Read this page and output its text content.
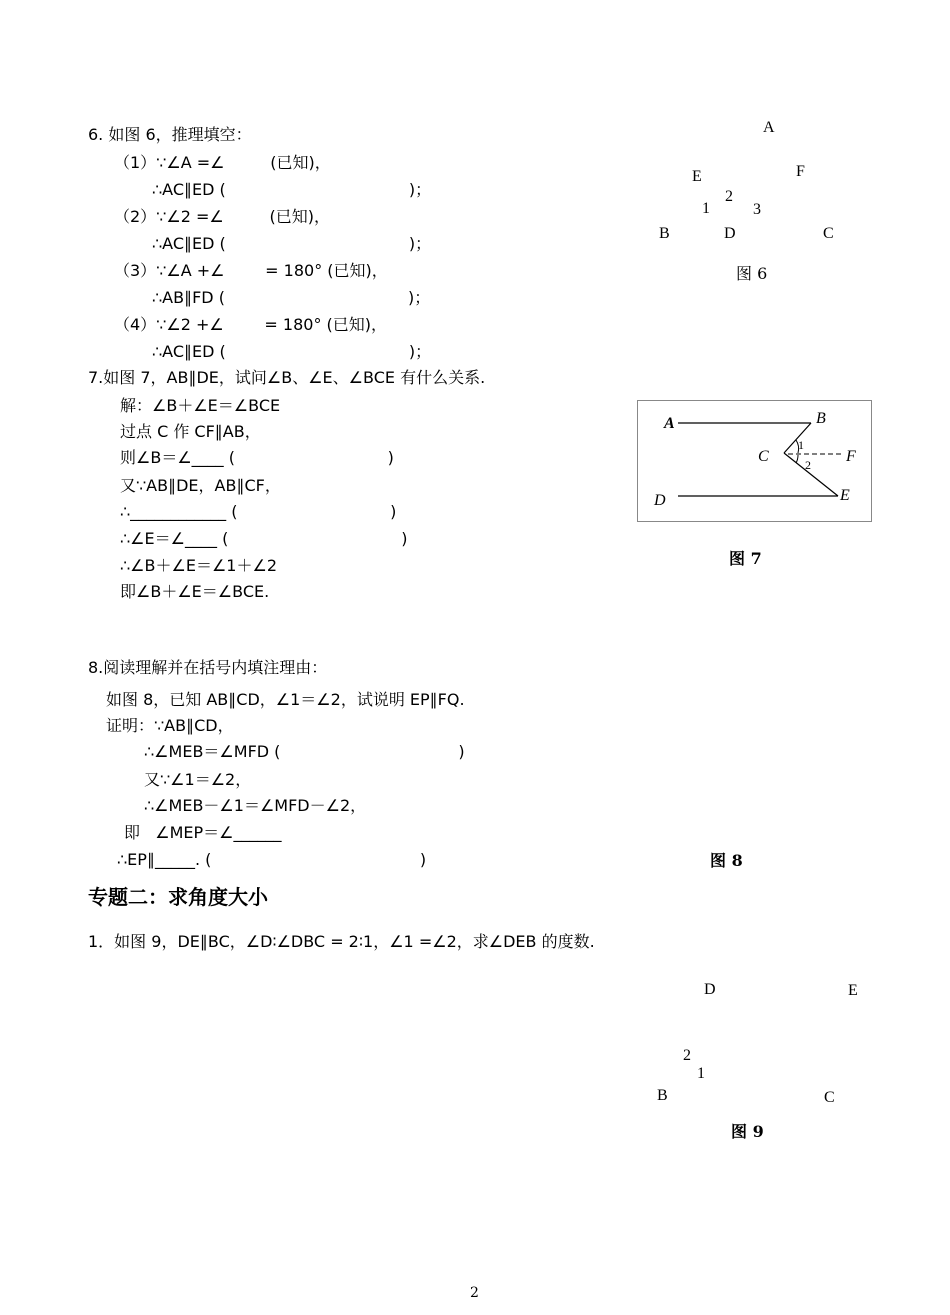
6. 如图 6，推理填空：
（1）∵∠A =∠         (已知)，
∴AC∥ED (                                    )；
（2）∵∠2 =∠         (已知)，
∴AC∥ED (                                    )；
（3）∵∠A +∠        = 180° (已知)，
∴AB∥FD (                                    )；
（4）∵∠2 +∠        = 180° (已知)，
∴AC∥ED (                                    )；
A
E	F
2
1	3
B	D	C
图 6
7.如图 7，AB∥DE，试问∠B、∠E、∠BCE 有什么关系.
解：∠B＋∠E＝∠BCE
过点 C 作 CF∥AB，
则∠B＝∠____ (                              )
又∵AB∥DE，AB∥CF，
∴____________ (                              )
∴∠E＝∠____ (                                  )
∴∠B＋∠E＝∠1＋∠2
即∠B＋∠E＝∠BCE.
A	B
C	F
D	E
1
2
图 7
8.阅读理解并在括号内填注理由：
如图 8，已知 AB∥CD，∠1＝∠2，试说明 EP∥FQ.
证明：∵AB∥CD，
∴∠MEB＝∠MFD (                                   )
又∵∠1＝∠2，
∴∠MEB－∠1＝∠MFD－∠2，
即   ∠MEP＝∠______
∴EP∥_____. (                                         )	图 8
专题二：求角度大小
1．如图 9，DE∥BC，∠D∶∠DBC = 2∶1，∠1 =∠2，求∠DEB 的度数.
D	E
2
1
B	C
图 9
2
